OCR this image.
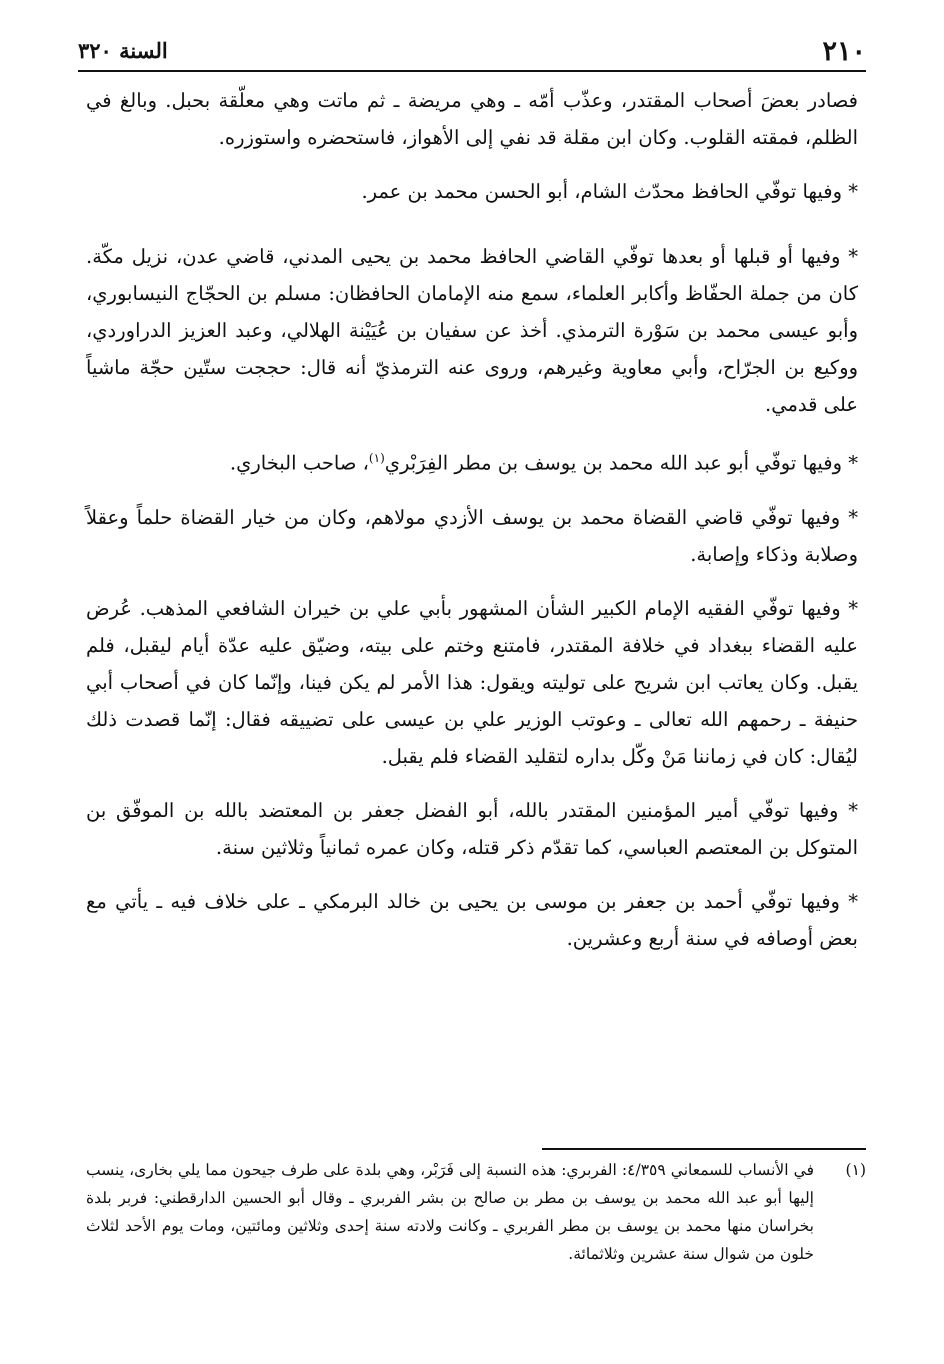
٢١٠
السنة ٣٢٠

فصادر بعضَ أصحاب المقتدر، وعذّب أمّه ـ وهي مريضة ـ ثم ماتت وهي معلّقة بحبل. وبالغ في الظلم، فمقته القلوب. وكان ابن مقلة قد نفي إلى الأهواز، فاستحضره واستوزره.

* وفيها توفّي الحافظ محدّث الشام، أبو الحسن محمد بن عمر.

* وفيها أو قبلها أو بعدها توفّي القاضي الحافظ محمد بن يحيى المدني، قاضي عدن، نزيل مكّة. كان من جملة الحفّاظ وأكابر العلماء، سمع منه الإمامان الحافظان: مسلم بن الحجّاج النيسابوري، وأبو عيسى محمد بن سَوْرة الترمذي. أخذ عن سفيان بن عُيَيْنة الهلالي، وعبد العزيز الدراوردي، ووكيع بن الجرّاح، وأبي معاوية وغيرهم، وروى عنه الترمذيّ أنه قال: حججت ستّين حجّة ماشياً على قدمي.

* وفيها توفّي أبو عبد الله محمد بن يوسف بن مطر الفِرَبْري$^{(١)}$، صاحب البخاري.

* وفيها توفّي قاضي القضاة محمد بن يوسف الأزدي مولاهم، وكان من خيار القضاة حلماً وعقلاً وصلابة وذكاء وإصابة.

* وفيها توفّي الفقيه الإمام الكبير الشأن المشهور بأبي علي بن خيران الشافعي المذهب. عُرض عليه القضاء ببغداد في خلافة المقتدر، فامتنع وختم على بيته، وضيّق عليه عدّة أيام ليقبل، فلم يقبل. وكان يعاتب ابن شريح على توليته ويقول: هذا الأمر لم يكن فينا، وإنّما كان في أصحاب أبي حنيفة ـ رحمهم الله تعالى ـ وعوتب الوزير علي بن عيسى على تضييقه فقال: إنّما قصدت ذلك ليُقال: كان في زماننا مَنْ وكّل بداره لتقليد القضاء فلم يقبل.

* وفيها توفّي أمير المؤمنين المقتدر بالله، أبو الفضل جعفر بن المعتضد بالله بن الموفّق بن المتوكل بن المعتصم العباسي، كما تقدّم ذكر قتله، وكان عمره ثمانياً وثلاثين سنة.

* وفيها توفّي أحمد بن جعفر بن موسى بن يحيى بن خالد البرمكي ـ على خلاف فيه ـ يأتي مع بعض أوصافه في سنة أربع وعشرين.

(١)
في الأنساب للسمعاني ٤/٣٥٩: الفربري: هذه النسبة إلى فَرَبْر، وهي بلدة على طرف جيحون مما يلي بخارى، ينسب إليها أبو عبد الله محمد بن يوسف بن مطر بن صالح بن بشر الفربري ـ وقال أبو الحسين الدارقطني: فربر بلدة بخراسان منها محمد بن يوسف بن مطر الفربري ـ وكانت ولادته سنة إحدى وثلاثين ومائتين، ومات يوم الأحد لثلاث خلون من شوال سنة عشرين وثلاثمائة.
